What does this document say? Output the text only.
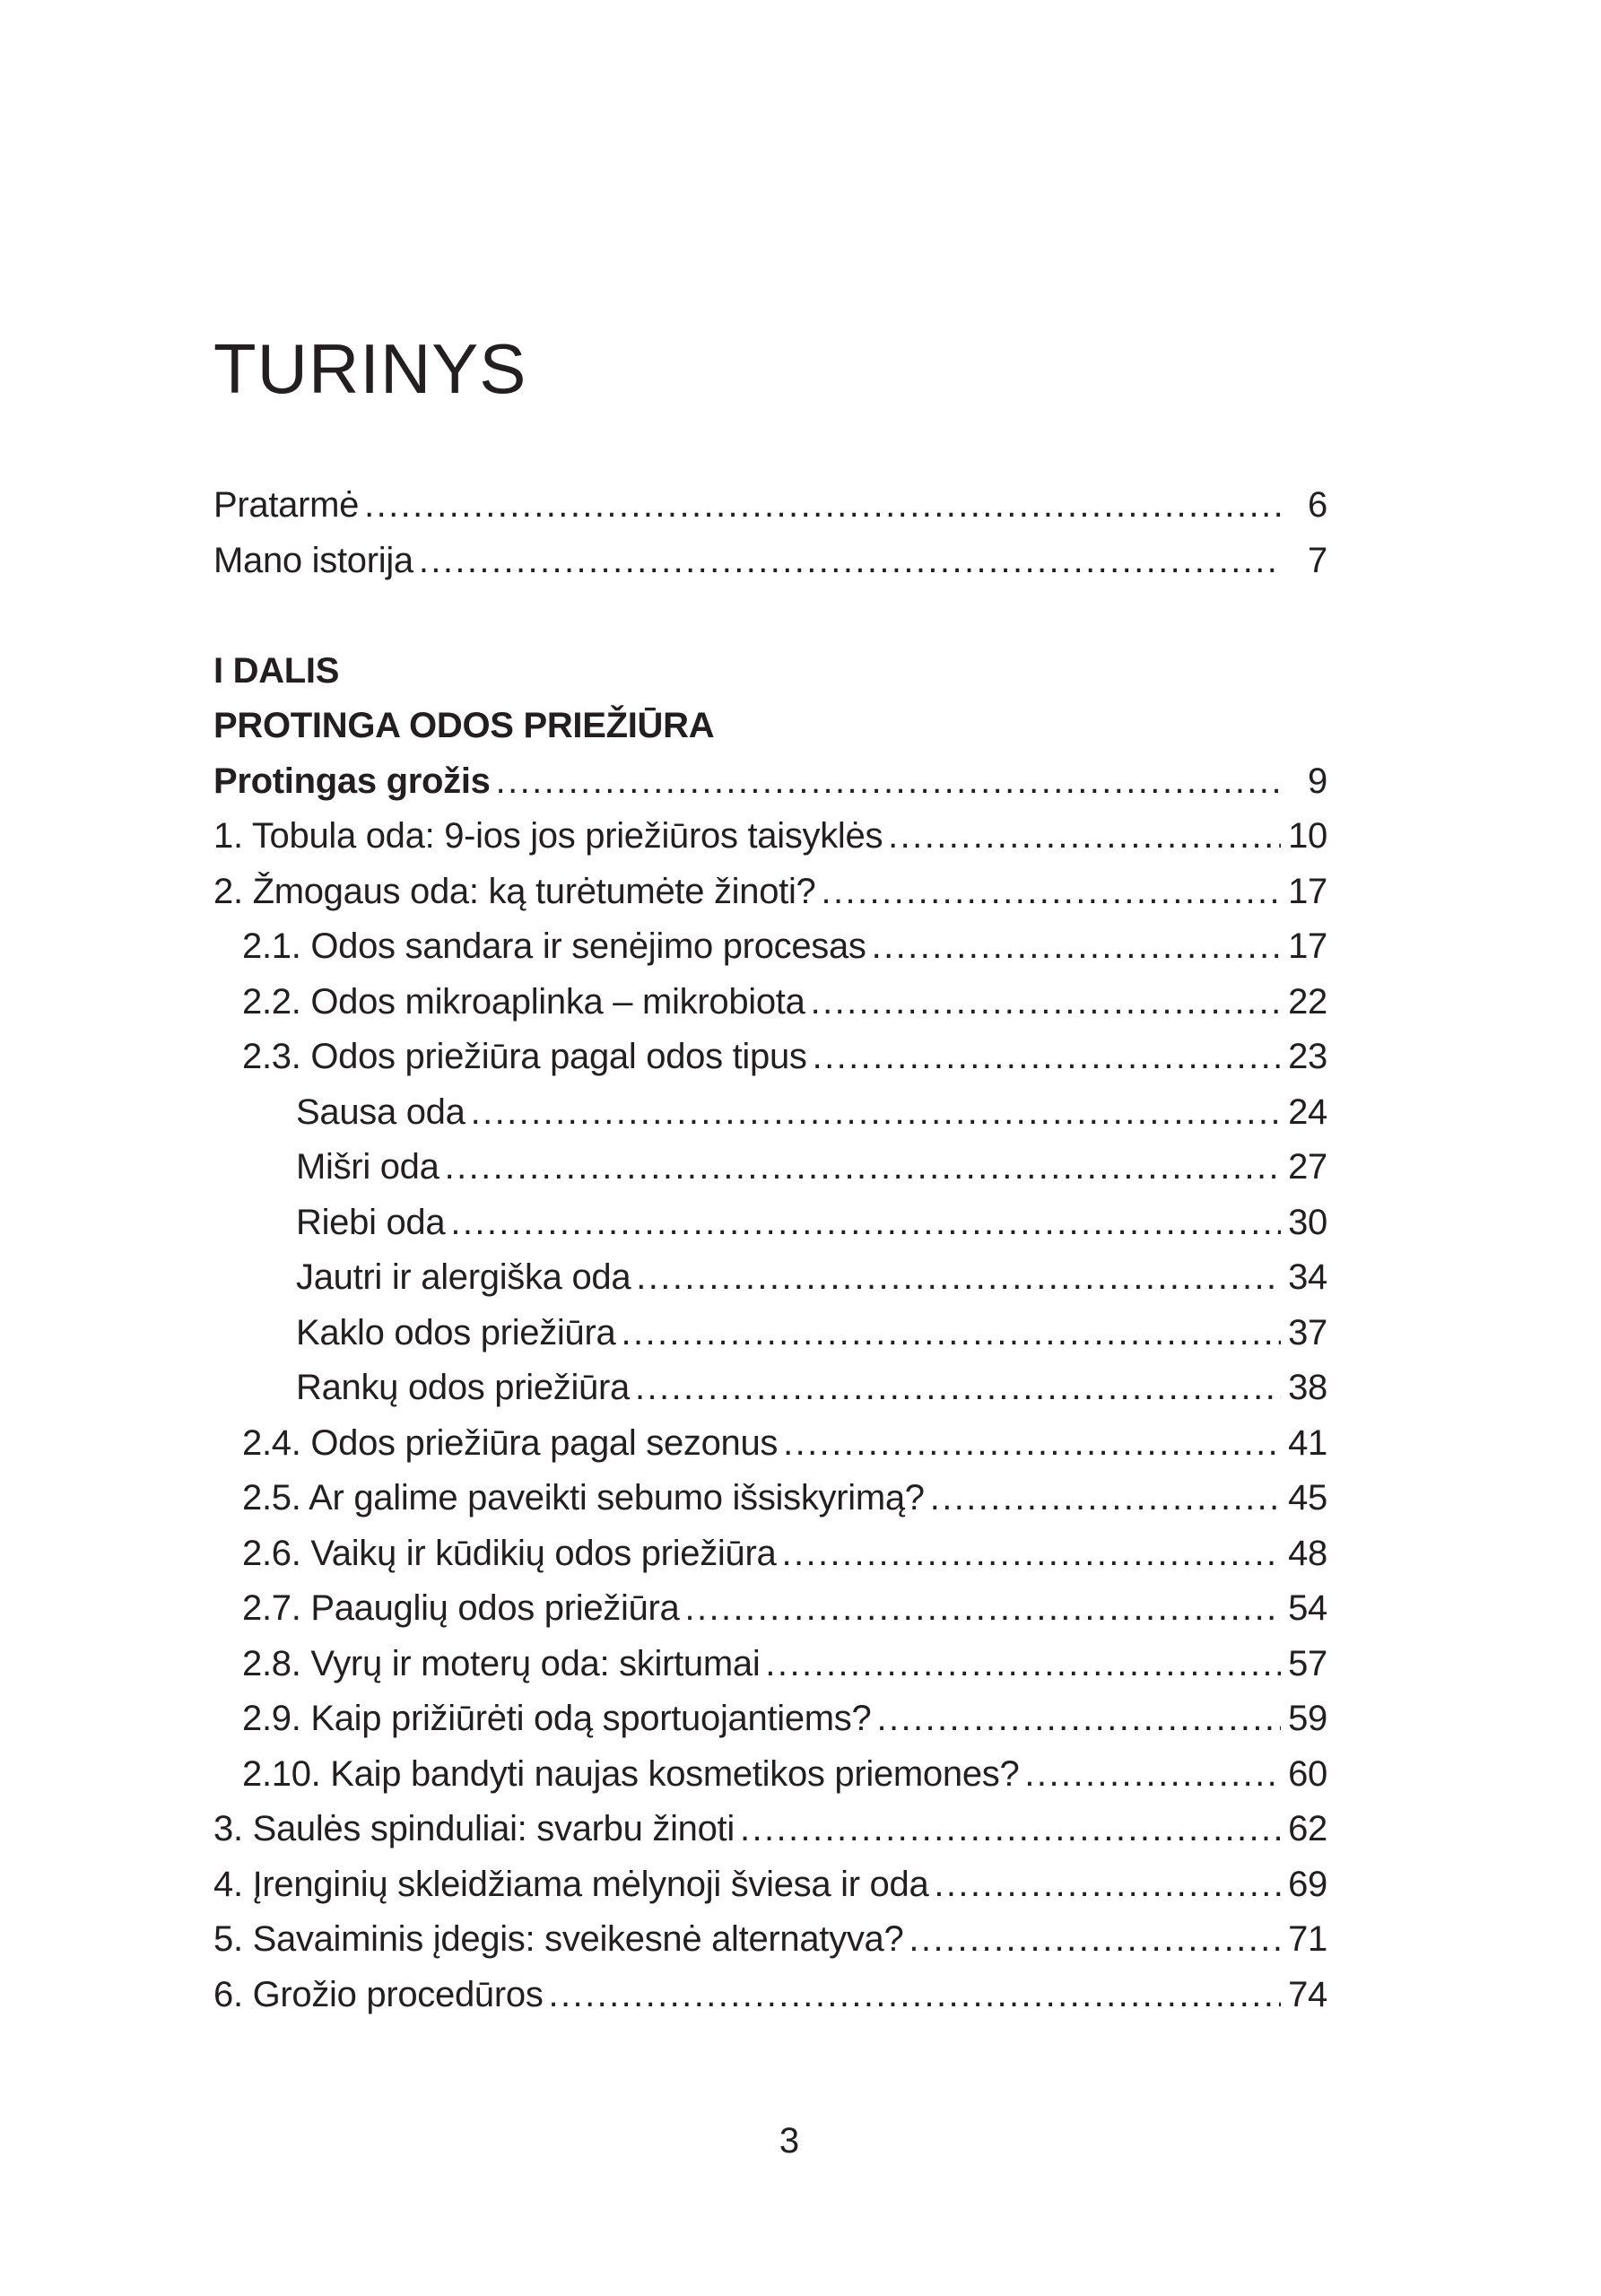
TURINYS
Pratarmė .....	6
Mano istorija .....	7
I DALIS
PROTINGA ODOS PRIEŽIŪRA
Protingas grožis .....	9
1. Tobula oda: 9-ios jos priežiūros taisyklės .....	10
2. Žmogaus oda: ką turėtumėte žinoti? .....	17
2.1. Odos sandara ir senėjimo procesas .....	17
2.2. Odos mikroaplinka – mikrobiota .....	22
2.3. Odos priežiūra pagal odos tipus .....	23
Sausa oda .....	24
Mišri oda .....	27
Riebi oda .....	30
Jautri ir alergiška oda .....	34
Kaklo odos priežiūra .....	37
Rankų odos priežiūra .....	38
2.4. Odos priežiūra pagal sezonus .....	41
2.5. Ar galime paveikti sebumo išsiskyrimą? .....	45
2.6. Vaikų ir kūdikių odos priežiūra .....	48
2.7. Paauglių odos priežiūra .....	54
2.8. Vyrų ir moterų oda: skirtumai .....	57
2.9. Kaip prižiūrėti odą sportuojantiems? .....	59
2.10. Kaip bandyti naujas kosmetikos priemones? .....	60
3. Saulės spinduliai: svarbu žinoti .....	62
4. Įrenginių skleidžiama mėlynoji šviesa ir oda .....	69
5. Savaiminis įdegis: sveikesnė alternatyva? .....	71
6. Grožio procedūros .....	74
3
